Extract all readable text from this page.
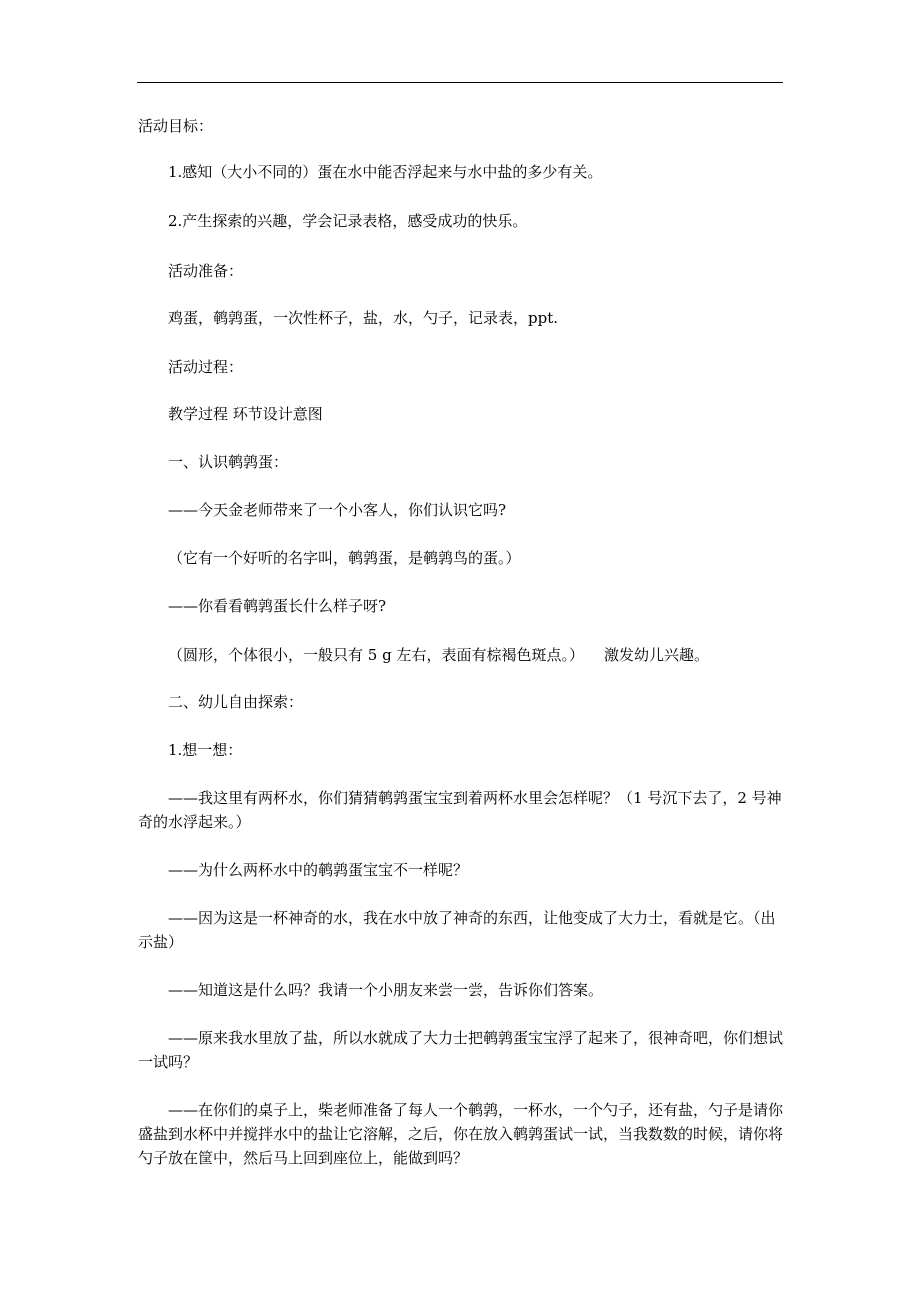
活动目标：

1.感知（大小不同的）蛋在水中能否浮起来与水中盐的多少有关。

2.产生探索的兴趣，学会记录表格，感受成功的快乐。

活动准备：

鸡蛋，鹌鹑蛋，一次性杯子，盐，水，勺子，记录表，ppt.

活动过程：

教学过程 环节设计意图

一、认识鹌鹑蛋：

——今天金老师带来了一个小客人，你们认识它吗?

（它有一个好听的名字叫，鹌鹑蛋，是鹌鹑鸟的蛋。）

——你看看鹌鹑蛋长什么样子呀?

（圆形，个体很小，一般只有 5 g 左右，表面有棕褐色斑点。） 激发幼儿兴趣。

二、幼儿自由探索：

1.想一想：

——我这里有两杯水，你们猜猜鹌鹑蛋宝宝到着两杯水里会怎样呢？（1 号沉下去了，2 号神奇的水浮起来。）

——为什么两杯水中的鹌鹑蛋宝宝不一样呢？

——因为这是一杯神奇的水，我在水中放了神奇的东西，让他变成了大力士，看就是它。（出示盐）

——知道这是什么吗？我请一个小朋友来尝一尝，告诉你们答案。

——原来我水里放了盐，所以水就成了大力士把鹌鹑蛋宝宝浮了起来了，很神奇吧，你们想试一试吗？

——在你们的桌子上，柴老师准备了每人一个鹌鹑，一杯水，一个勺子，还有盐，勺子是请你盛盐到水杯中并搅拌水中的盐让它溶解，之后，你在放入鹌鹑蛋试一试，当我数数的时候，请你将勺子放在筐中，然后马上回到座位上，能做到吗？
